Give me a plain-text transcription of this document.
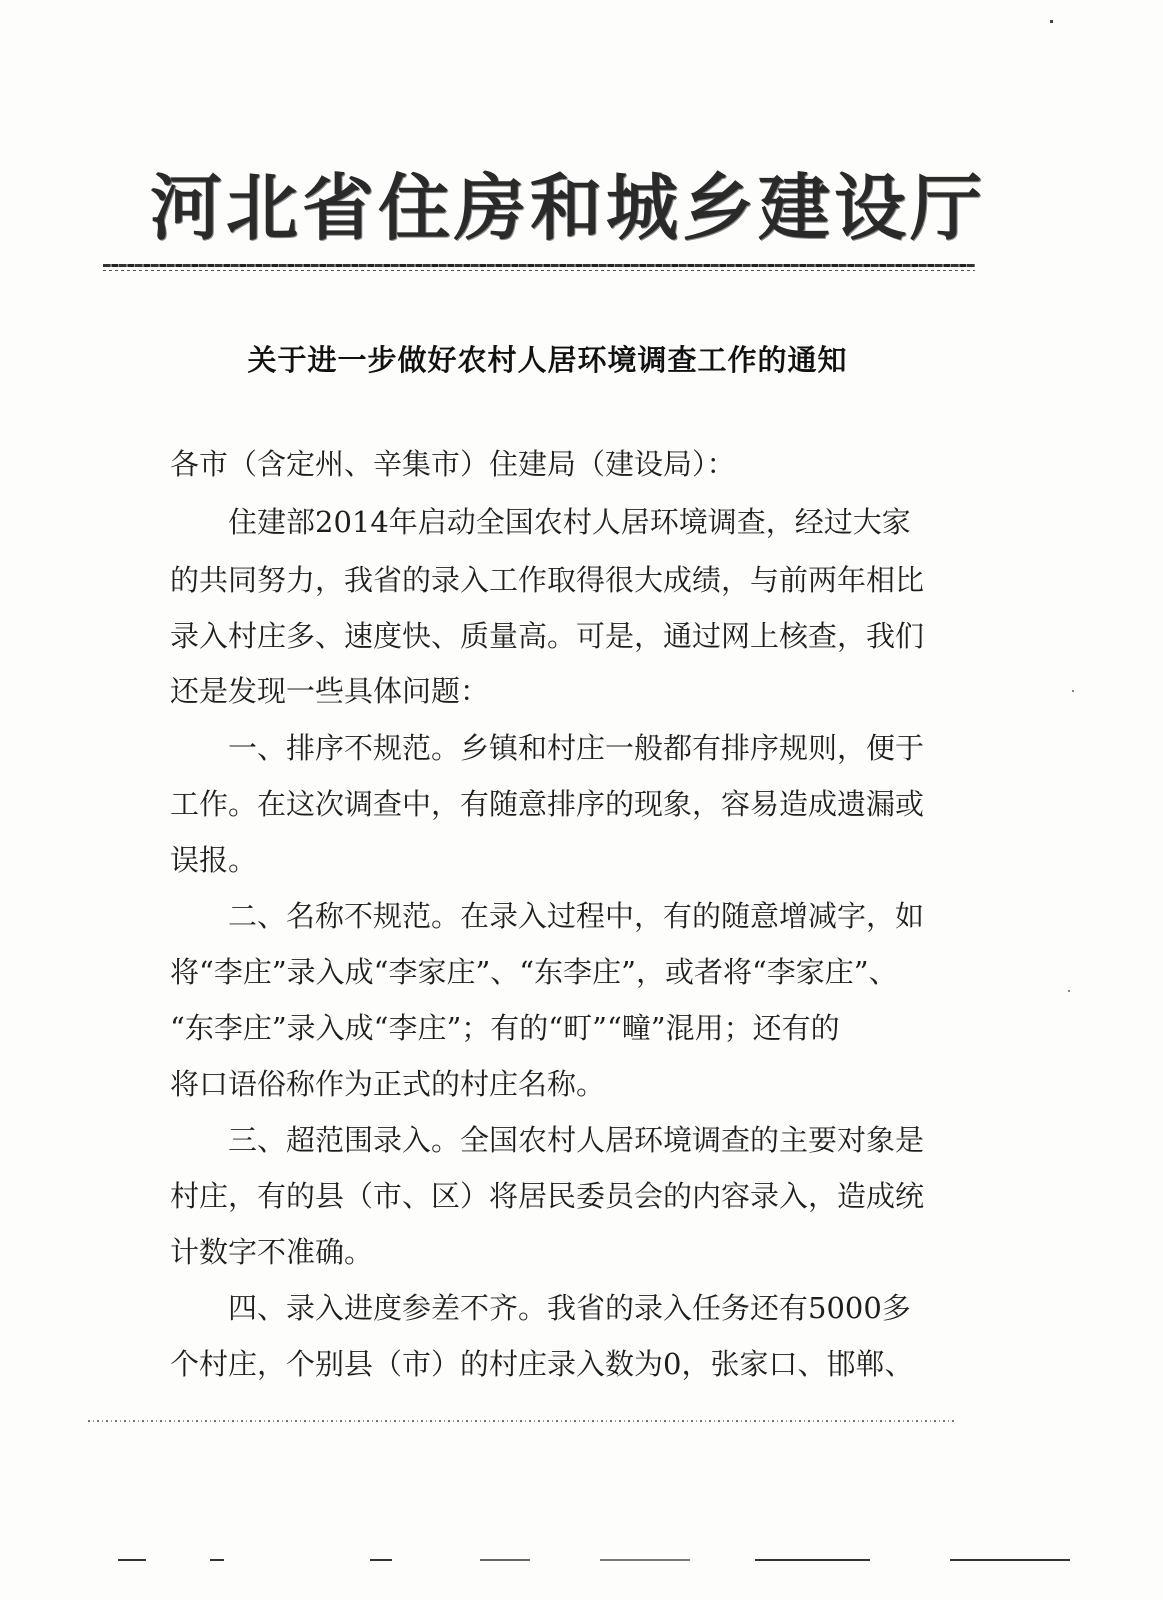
河北省住房和城乡建设厅
关于进一步做好农村人居环境调查工作的通知
各市（含定州、辛集市）住建局（建设局）：
住建部2014年启动全国农村人居环境调查，经过大家
的共同努力，我省的录入工作取得很大成绩，与前两年相比
录入村庄多、速度快、质量高。可是，通过网上核查，我们
还是发现一些具体问题：
一、排序不规范。乡镇和村庄一般都有排序规则，便于
工作。在这次调查中，有随意排序的现象，容易造成遗漏或
误报。
二、名称不规范。在录入过程中，有的随意增减字，如
将“李庄”录入成“李家庄”、“东李庄”，或者将“李家庄”、
“东李庄”录入成“李庄”；有的“町”“疃”混用；还有的
将口语俗称作为正式的村庄名称。
三、超范围录入。全国农村人居环境调查的主要对象是
村庄，有的县（市、区）将居民委员会的内容录入，造成统
计数字不准确。
四、录入进度参差不齐。我省的录入任务还有5000多
个村庄，个别县（市）的村庄录入数为0，张家口、邯郸、
